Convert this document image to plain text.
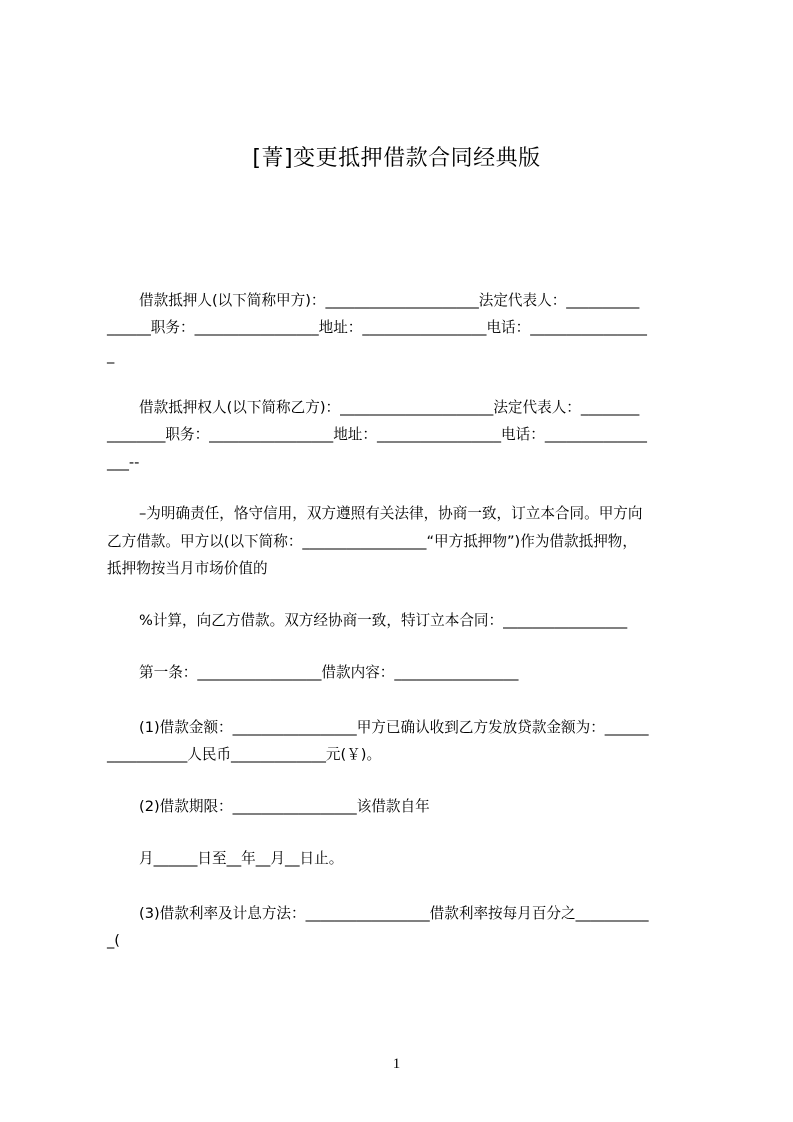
[菁]变更抵押借款合同经典版
借款抵押人(以下简称甲方)：_____________________法定代表人：__________
______职务：_________________地址：_________________电话：________________
_
借款抵押权人(以下简称乙方)：_____________________法定代表人：________
________职务：_________________地址：_________________电话：______________
___--
–为明确责任，恪守信用，双方遵照有关法律，协商一致，订立本合同。甲方向
乙方借款。甲方以(以下简称：_________________“甲方抵押物”)作为借款抵押物，
抵押物按当月市场价值的
%计算，向乙方借款。双方经协商一致，特订立本合同：_________________
第一条：_________________借款内容：_________________
(1)借款金额：_________________甲方已确认收到乙方发放贷款金额为：______
___________人民币_____________元(￥)。
(2)借款期限：_________________该借款自年
月______日至__年__月__日止。
(3)借款利率及计息方法：_________________借款利率按每月百分之__________
_(
1
